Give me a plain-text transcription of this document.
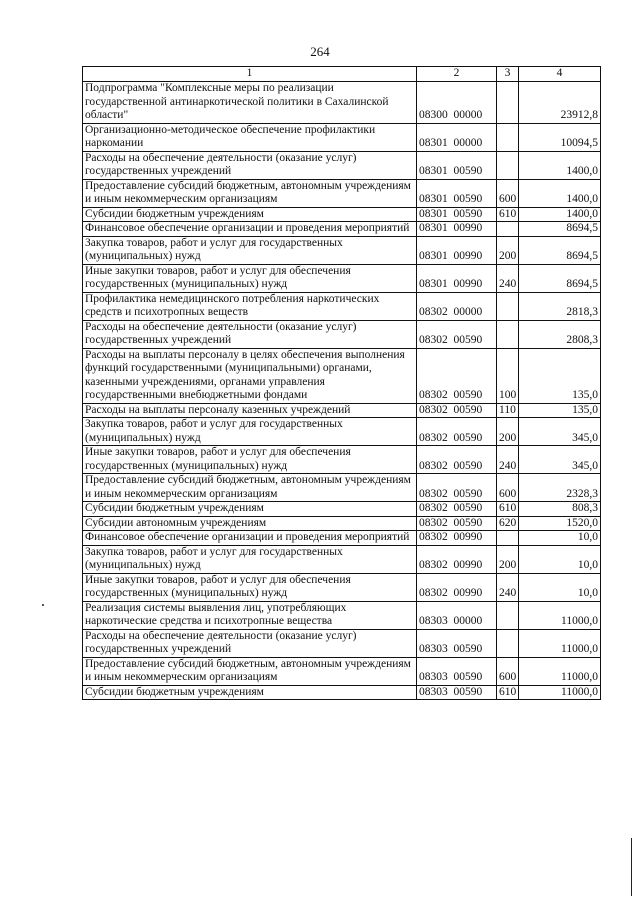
264
1	2	3	4
Подпрограмма "Комплексные меры по реализации государственной антинаркотической политики в Сахалинской области"	08300  00000		23912,8
Организационно-методическое обеспечение профилактики наркомании	08301  00000		10094,5
Расходы на обеспечение деятельности (оказание услуг) государственных учреждений	08301  00590		1400,0
Предоставление субсидий бюджетным, автономным учреждениям и иным некоммерческим организациям	08301  00590	600	1400,0
Субсидии бюджетным учреждениям	08301  00590	610	1400,0
Финансовое обеспечение организации и проведения мероприятий	08301  00990		8694,5
Закупка товаров, работ и услуг для государственных (муниципальных) нужд	08301  00990	200	8694,5
Иные закупки товаров, работ и услуг для обеспечения государственных (муниципальных) нужд	08301  00990	240	8694,5
Профилактика немедицинского потребления наркотических средств и психотропных веществ	08302  00000		2818,3
Расходы на обеспечение деятельности (оказание услуг) государственных учреждений	08302  00590		2808,3
Расходы на выплаты персоналу в целях обеспечения выполнения функций государственными (муниципальными) органами, казенными учреждениями, органами управления государственными внебюджетными фондами	08302  00590	100	135,0
Расходы на выплаты персоналу казенных учреждений	08302  00590	110	135,0
Закупка товаров, работ и услуг для государственных (муниципальных) нужд	08302  00590	200	345,0
Иные закупки товаров, работ и услуг для обеспечения государственных (муниципальных) нужд	08302  00590	240	345,0
Предоставление субсидий бюджетным, автономным учреждениям и иным некоммерческим организациям	08302  00590	600	2328,3
Субсидии бюджетным учреждениям	08302  00590	610	808,3
Субсидии автономным учреждениям	08302  00590	620	1520,0
Финансовое обеспечение организации и проведения мероприятий	08302  00990		10,0
Закупка товаров, работ и услуг для государственных (муниципальных) нужд	08302  00990	200	10,0
Иные закупки товаров, работ и услуг для обеспечения государственных (муниципальных) нужд	08302  00990	240	10,0
Реализация системы выявления лиц, употребляющих наркотические средства и психотропные вещества	08303  00000		11000,0
Расходы на обеспечение деятельности (оказание услуг) государственных учреждений	08303  00590		11000,0
Предоставление субсидий бюджетным, автономным учреждениям и иным некоммерческим организациям	08303  00590	600	11000,0
Субсидии бюджетным учреждениям	08303  00590	610	11000,0
